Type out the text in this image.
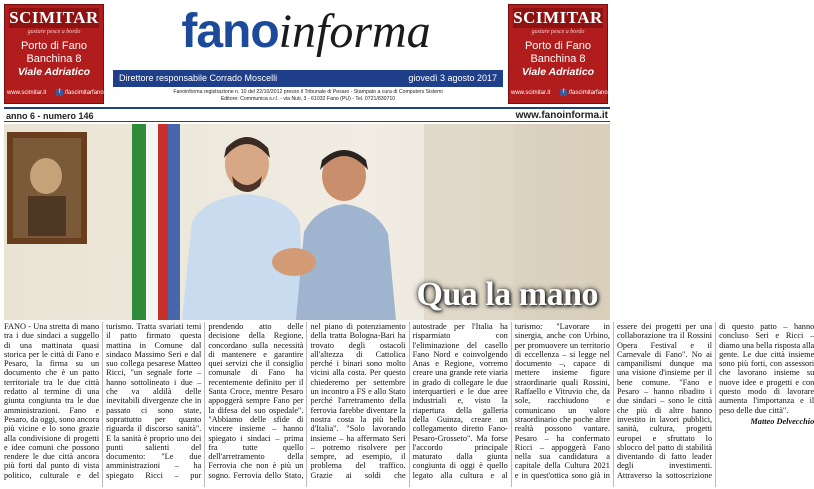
SCIMITAR
gustare pesce a bordo
Porto di Fano
Banchina 8
Viale Adriatico
www.scimitar.it f /fascimitarfano
fanoinforma	SCIMITAR
gustare pesce a bordo
Porto di Fano
Banchina 8
Viale Adriatico
www.scimitar.it f /fascimitarfano
Direttore responsabile Corrado Moscelli	giovedì 3 agosto 2017
Fanoinforma registrazione n. 10 del 22/10/2012 presso il Tribunale di Pesaro - Stampato a cura di Computers Sistemi
Editore: Communica s.r.l. - via Nuti, 3 - 61032 Fano (PU) - Tel. 0721/830710
anno 6 - numero 146	www.fanoinforma.it
Qua la mano

FANO - Una stretta di mano tra i due sindaci a suggello di una mattinata quasi storica per le città di Fano e Pesaro, la firma su un documento che è un patto territoriale tra le due città redatto al termine di una giunta congiunta tra le due amministrazioni. Fano e Pesaro, da oggi, sono ancora più vicine e lo sono grazie alla condivisione di progetti e idee comuni che possono rendere le due città ancora più forti dal punto di vista politico, culturale e del turismo. Tratta svariati temi il patto firmato questa mattina in Comune dal sindaco Massimo Seri e dal suo collega pesarese Matteo Ricci, "un segnale forte – hanno sottolineato i due – che va aldilà delle inevitabili divergenze che in passato ci sono state, soprattutto per quanto riguarda il discorso sanità". E la sanità è proprio uno dei punti salienti del documento: "Le due amministrazioni – ha spiegato Ricci – pur prendendo atto delle decisione della Regione, concordano sulla necessità di mantenere e garantire quei servizi che il consiglio comunale di Fano ha recentemente definito per il Santa Croce, mentre Pesaro appoggerà sempre Fano per la difesa del suo ospedale". "Abbiamo delle sfide di vincere insieme – hanno spiegato i sindaci – prima fra tutte quello dell'arretramento della Ferrovia che non è più un sogno. Ferrovia dello Stato, nel piano di potenziamento della tratta Bologna-Bari ha trovato degli ostacoli all'altezza di Cattolica perché i binari sono molto vicini alla costa. Per questo chiederemo per settembre un incontro a FS e allo Stato perché l'arretramento della ferrovia farebbe diventare la nostra costa la più bella d'Italia". "Solo lavorando insieme – ha affermato Seri – potremo risolvere per sempre, ad esempio, il problema del traffico. Grazie ai soldi che autostrade per l'Italia ha risparmiato con l'eliminazione del casello Fano Nord e coinvolgendo Anas e Regione, vorremo creare una grande rete viaria in grado di collegare le due interquartieri e le due aree industriali e, visto la riapertura della galleria della Guinza, creare un collegamento diretto Fano-Pesaro-Grosseto". Ma forse l'accordo principale maturato dalla giunta congiunta di oggi è quello legato alla cultura e al turismo: "Lavorare in sinergia, anche con Urbino, per promuovere un territorio di eccellenza – si legge nel documento –, capace di mettere insieme figure straordinarie quali Rossini, Raffaello e Vitruvio che, da sole, racchiudono e comunicano un valore straordinario che poche altre realtà possono vantare. Pesaro – ha confermato Ricci – appoggerà Fano nella sua candidatura a capitale della Cultura 2021 e in quest'ottica sono già in essere dei progetti per una collaborazione tra il Rossini Opera Festival e il Carnevale di Fano". No ai campanilismi dunque ma una visione d'insieme per il bene comune. "Fano e Pesaro – hanno ribadito i due sindaci – sono le città che più di altre hanno investito in lavori pubblici, sanità, cultura, progetti europei e sfruttato lo sblocco del patto di stabilità diventando di fatto leader degli investimenti. Attraverso la sottoscrizione di questo patto – hanno concluso Seri e Ricci – diamo una bella risposta alla gente. Le due città insieme sono più forti, con assessori che lavorano insieme su nuove idee e progetti e con questo modo di lavorare aumenta l'importanza e il peso delle due città".

Matteo Delvecchio
